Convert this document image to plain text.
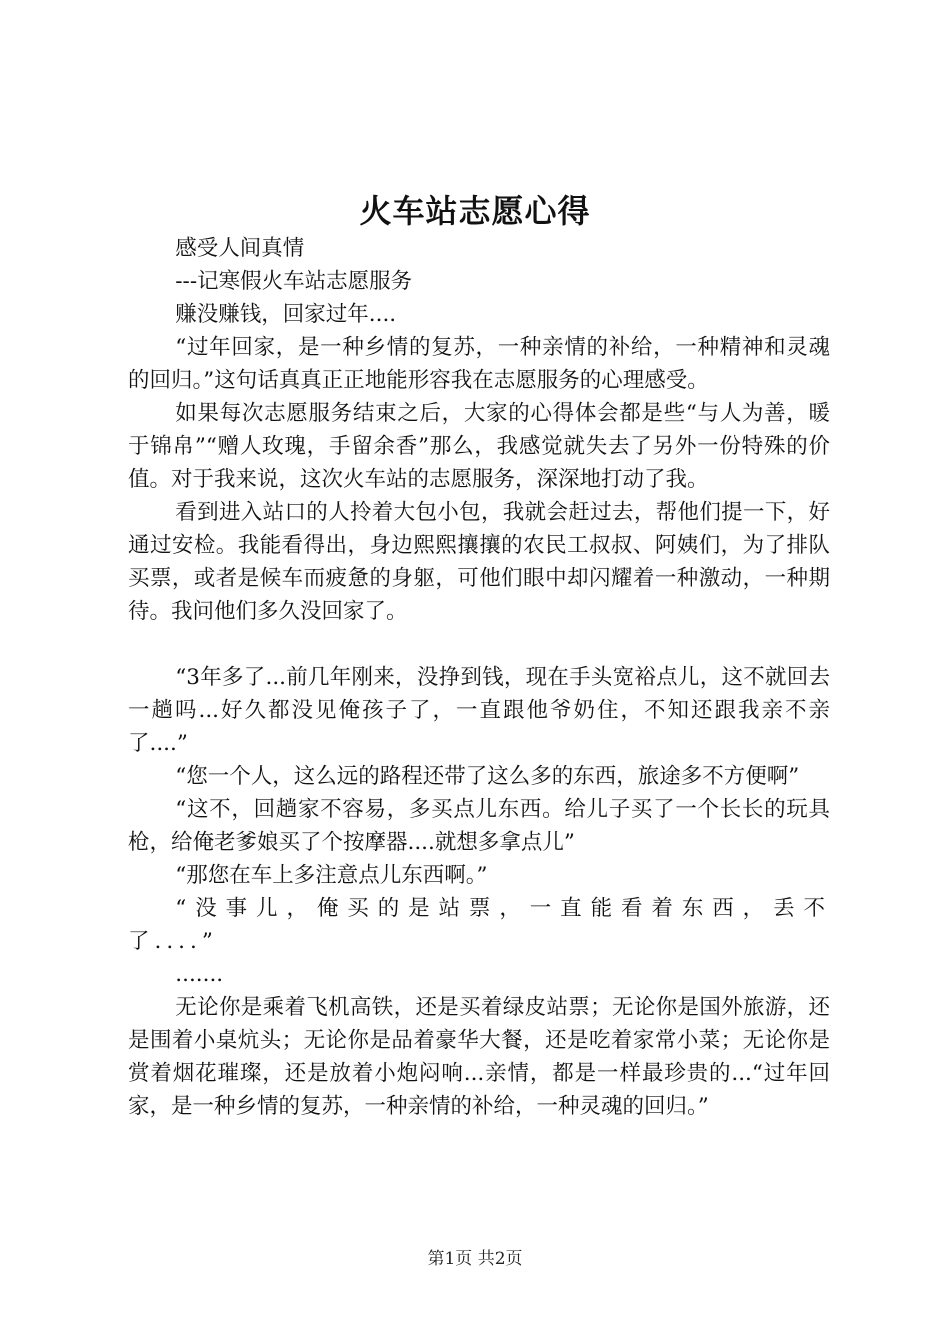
火车站志愿心得

感受人间真情

---记寒假火车站志愿服务

赚没赚钱，回家过年....

“过年回家，是一种乡情的复苏，一种亲情的补给，一种精神和灵魂的回归。”这句话真真正正地能形容我在志愿服务的心理感受。

如果每次志愿服务结束之后，大家的心得体会都是些“与人为善，暖于锦帛”“赠人玫瑰，手留余香”那么，我感觉就失去了另外一份特殊的价值。对于我来说，这次火车站的志愿服务，深深地打动了我。

看到进入站口的人拎着大包小包，我就会赶过去，帮他们提一下，好通过安检。我能看得出，身边熙熙攘攘的农民工叔叔、阿姨们，为了排队买票，或者是候车而疲惫的身躯，可他们眼中却闪耀着一种激动，一种期待。我问他们多久没回家了。

“3年多了...前几年刚来，没挣到钱，现在手头宽裕点儿，这不就回去一趟吗...好久都没见俺孩子了，一直跟他爷奶住，不知还跟我亲不亲了....”

“您一个人，这么远的路程还带了这么多的东西，旅途多不方便啊”

“这不，回趟家不容易，多买点儿东西。给儿子买了一个长长的玩具枪，给俺老爹娘买了个按摩器....就想多拿点儿”

“那您在车上多注意点儿东西啊。”

“没事儿，俺买的是站票，一直能看着东西，丢不了....”

.......

无论你是乘着飞机高铁，还是买着绿皮站票；无论你是国外旅游，还是围着小桌炕头；无论你是品着豪华大餐，还是吃着家常小菜；无论你是赏着烟花璀璨，还是放着小炮闷响...亲情，都是一样最珍贵的...“过年回家，是一种乡情的复苏，一种亲情的补给，一种灵魂的回归。”

第1页 共2页
